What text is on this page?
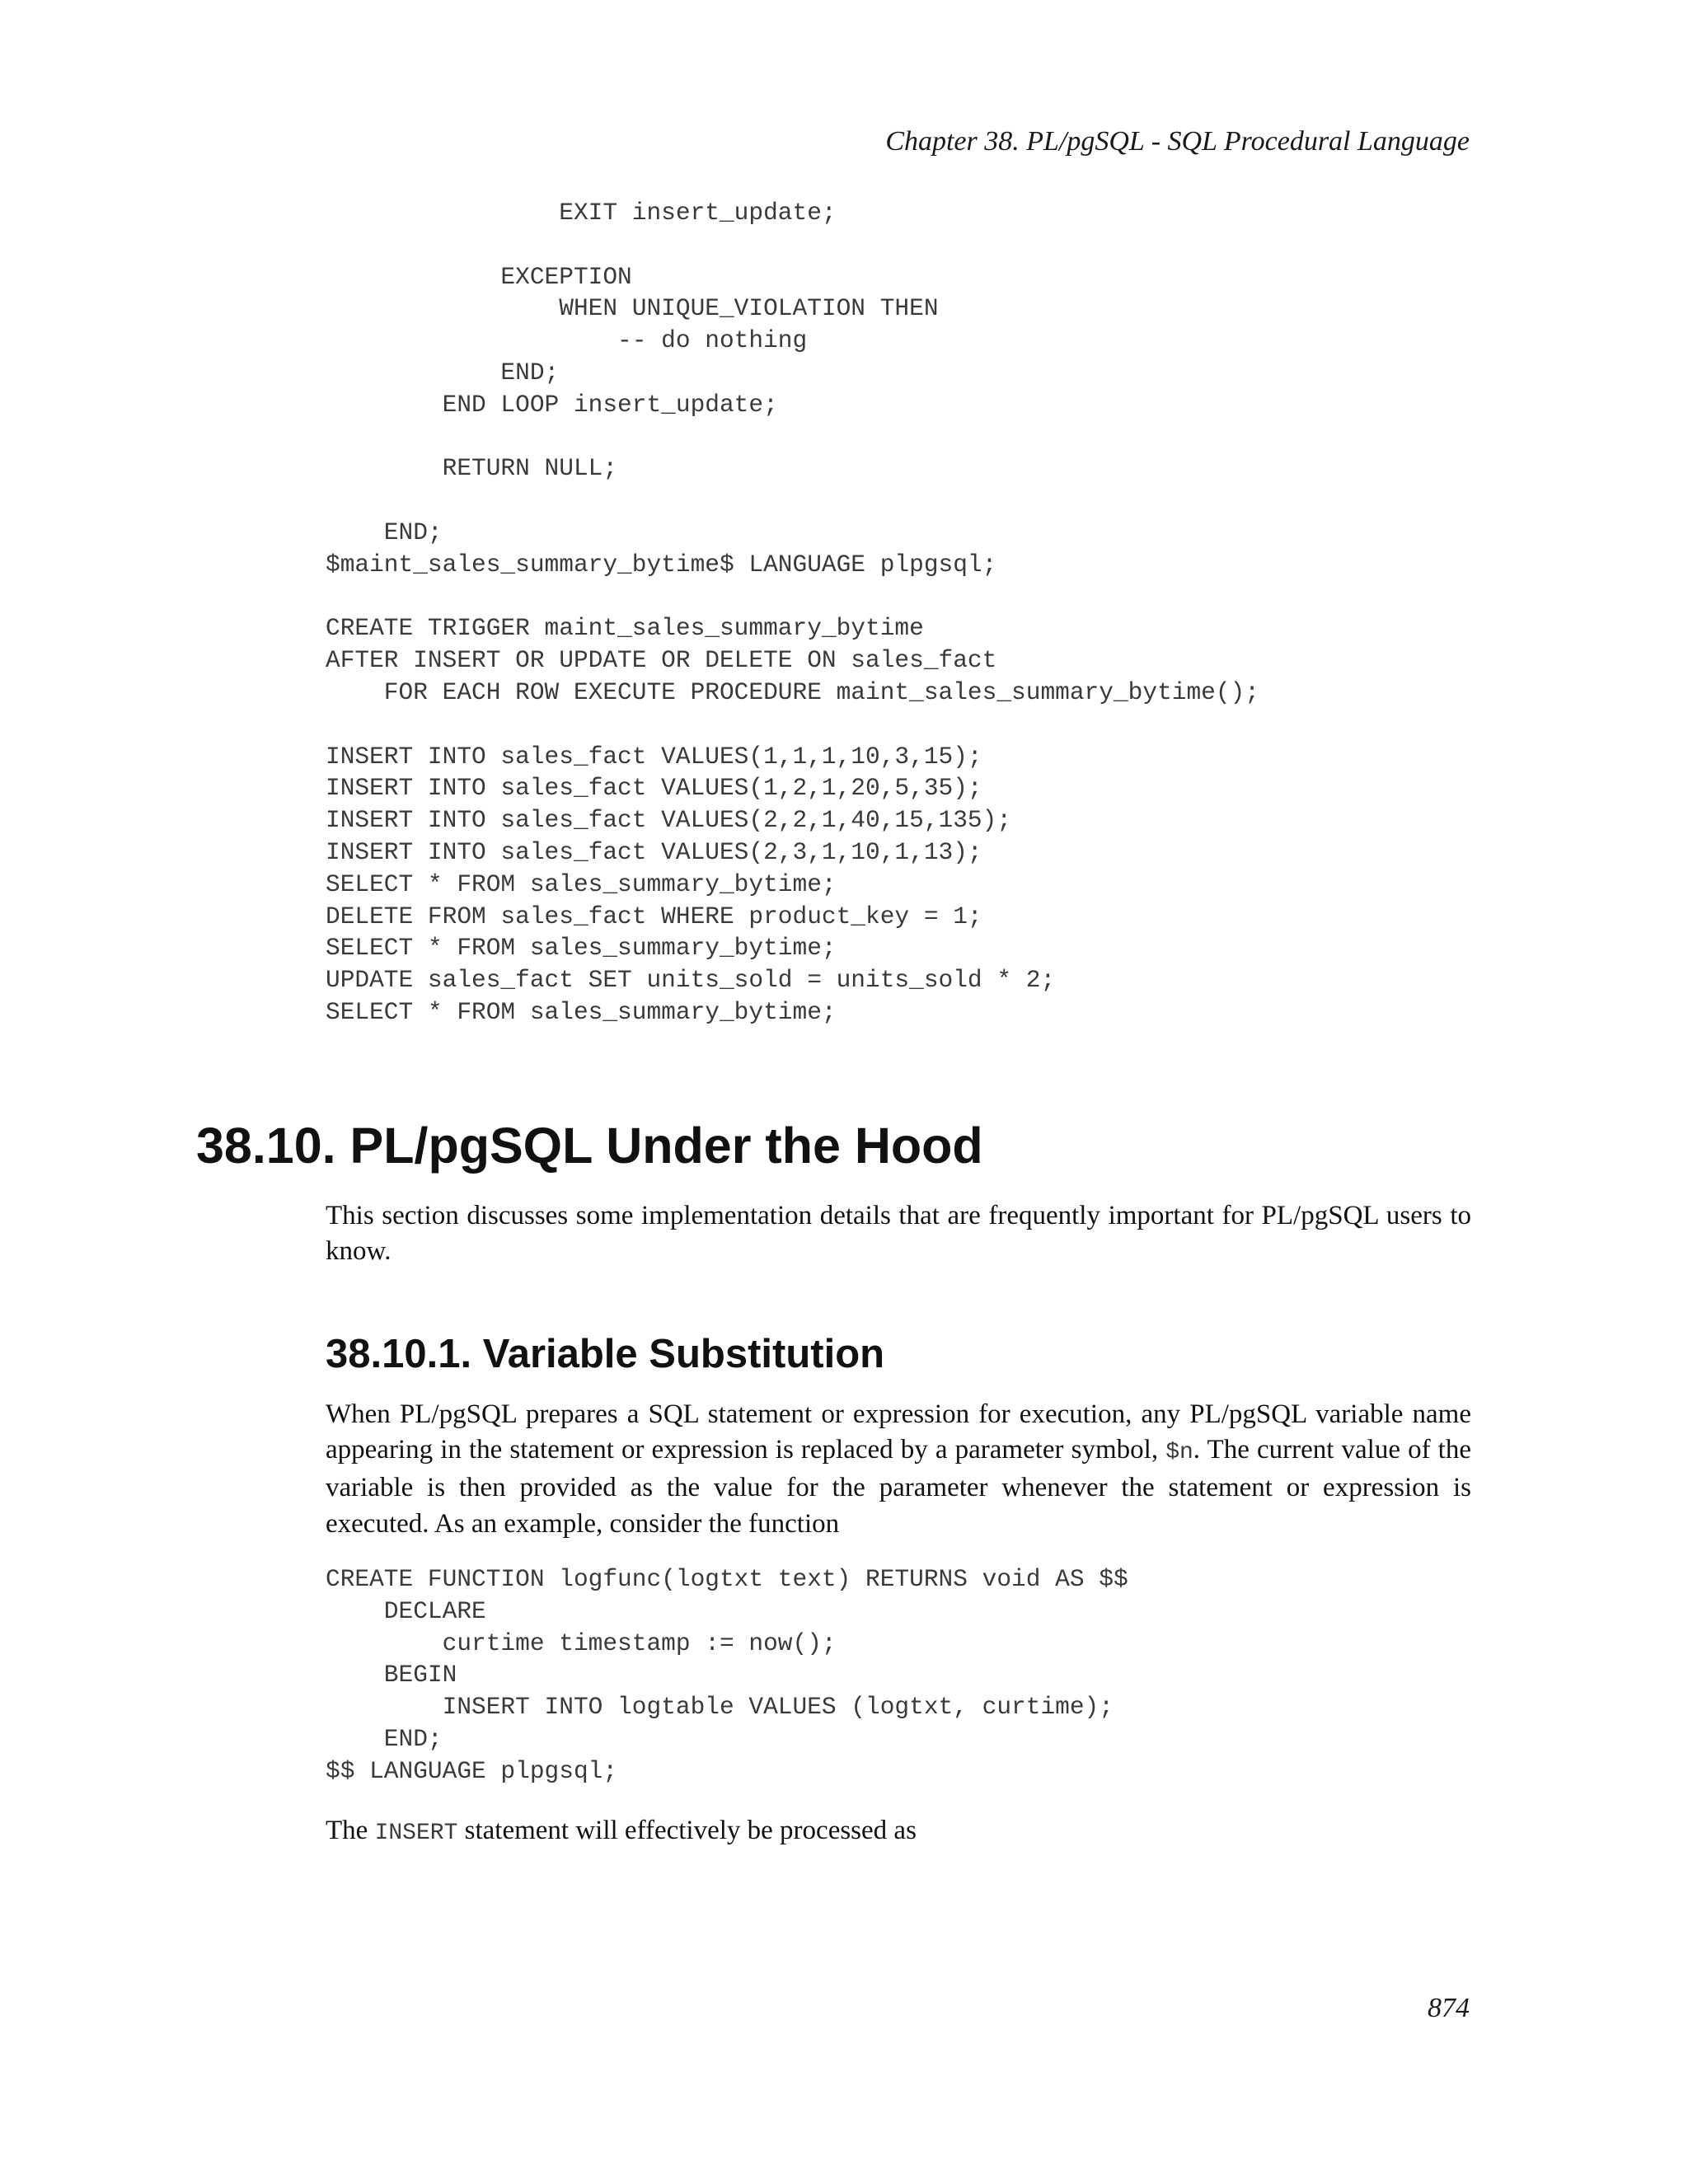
Chapter 38. PL/pgSQL - SQL Procedural Language

EXIT insert_update;

EXCEPTION
WHEN UNIQUE_VIOLATION THEN
-- do nothing
END;
END LOOP insert_update;

RETURN NULL;

END;
$maint_sales_summary_bytime$ LANGUAGE plpgsql;

CREATE TRIGGER maint_sales_summary_bytime
AFTER INSERT OR UPDATE OR DELETE ON sales_fact
FOR EACH ROW EXECUTE PROCEDURE maint_sales_summary_bytime();

INSERT INTO sales_fact VALUES(1,1,1,10,3,15);
INSERT INTO sales_fact VALUES(1,2,1,20,5,35);
INSERT INTO sales_fact VALUES(2,2,1,40,15,135);
INSERT INTO sales_fact VALUES(2,3,1,10,1,13);
SELECT * FROM sales_summary_bytime;
DELETE FROM sales_fact WHERE product_key = 1;
SELECT * FROM sales_summary_bytime;
UPDATE sales_fact SET units_sold = units_sold * 2;
SELECT * FROM sales_summary_bytime;
38.10. PL/pgSQL Under the Hood

This section discusses some implementation details that are frequently important for PL/pgSQL users to know.

38.10.1. Variable Substitution

When PL/pgSQL prepares a SQL statement or expression for execution, any PL/pgSQL variable name appearing in the statement or expression is replaced by a parameter symbol, $n. The current value of the variable is then provided as the value for the parameter whenever the statement or expression is executed. As an example, consider the function

CREATE FUNCTION logfunc(logtxt text) RETURNS void AS $$
DECLARE
curtime timestamp := now();
BEGIN
INSERT INTO logtable VALUES (logtxt, curtime);
END;
$$ LANGUAGE plpgsql;

The INSERT statement will effectively be processed as

874
